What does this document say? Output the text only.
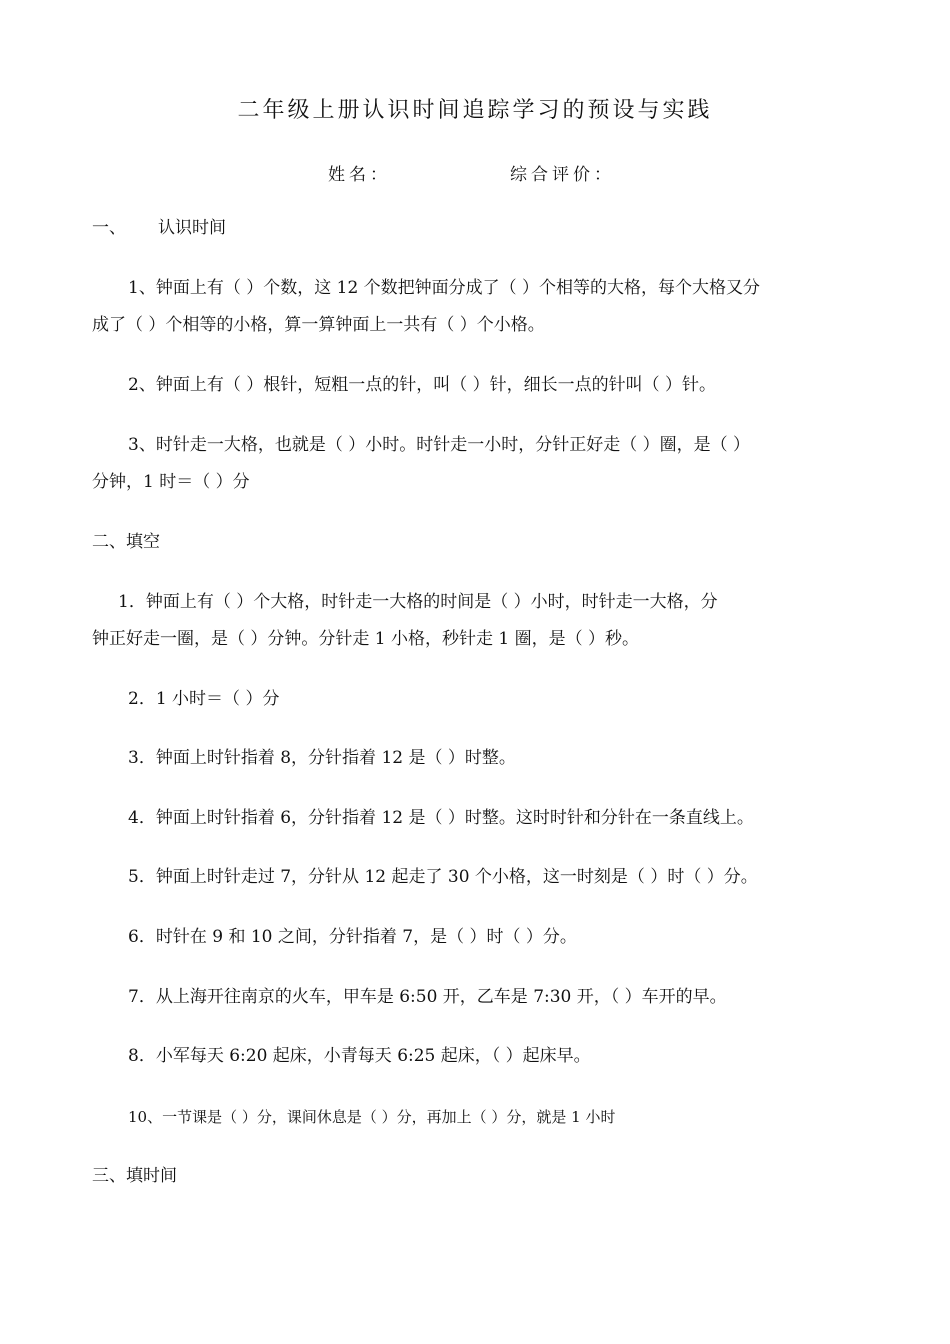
二年级上册认识时间追踪学习的预设与实践
姓名：	综合评价：
一、 认识时间
1、钟面上有（ ）个数，这 12 个数把钟面分成了（ ）个相等的大格，每个大格又分
成了（ ）个相等的小格，算一算钟面上一共有（ ）个小格。
2、钟面上有（ ）根针，短粗一点的针，叫（ ）针，细长一点的针叫（ ）针。
3、时针走一大格，也就是（ ）小时。时针走一小时，分针正好走（ ）圈，是（ ）
分钟，1 时＝（ ）分
二、填空
1．钟面上有（ ）个大格，时针走一大格的时间是（ ）小时，时针走一大格，分
钟正好走一圈，是（ ）分钟。分针走 1 小格，秒针走 1 圈，是（ ）秒。
2．1 小时＝（ ）分
3．钟面上时针指着 8，分针指着 12 是（ ）时整。
4．钟面上时针指着 6，分针指着 12 是（ ）时整。这时时针和分针在一条直线上。
5．钟面上时针走过 7，分针从 12 起走了 30 个小格，这一时刻是（ ）时（ ）分。
6．时针在 9 和 10 之间，分针指着 7，是（ ）时（ ）分。
7．从上海开往南京的火车，甲车是 6:50 开，乙车是 7:30 开，（ ）车开的早。
8．小军每天 6:20 起床，小青每天 6:25 起床，（ ）起床早。
10、一节课是（ ）分，课间休息是（ ）分，再加上（ ）分，就是 1 小时
三、填时间
